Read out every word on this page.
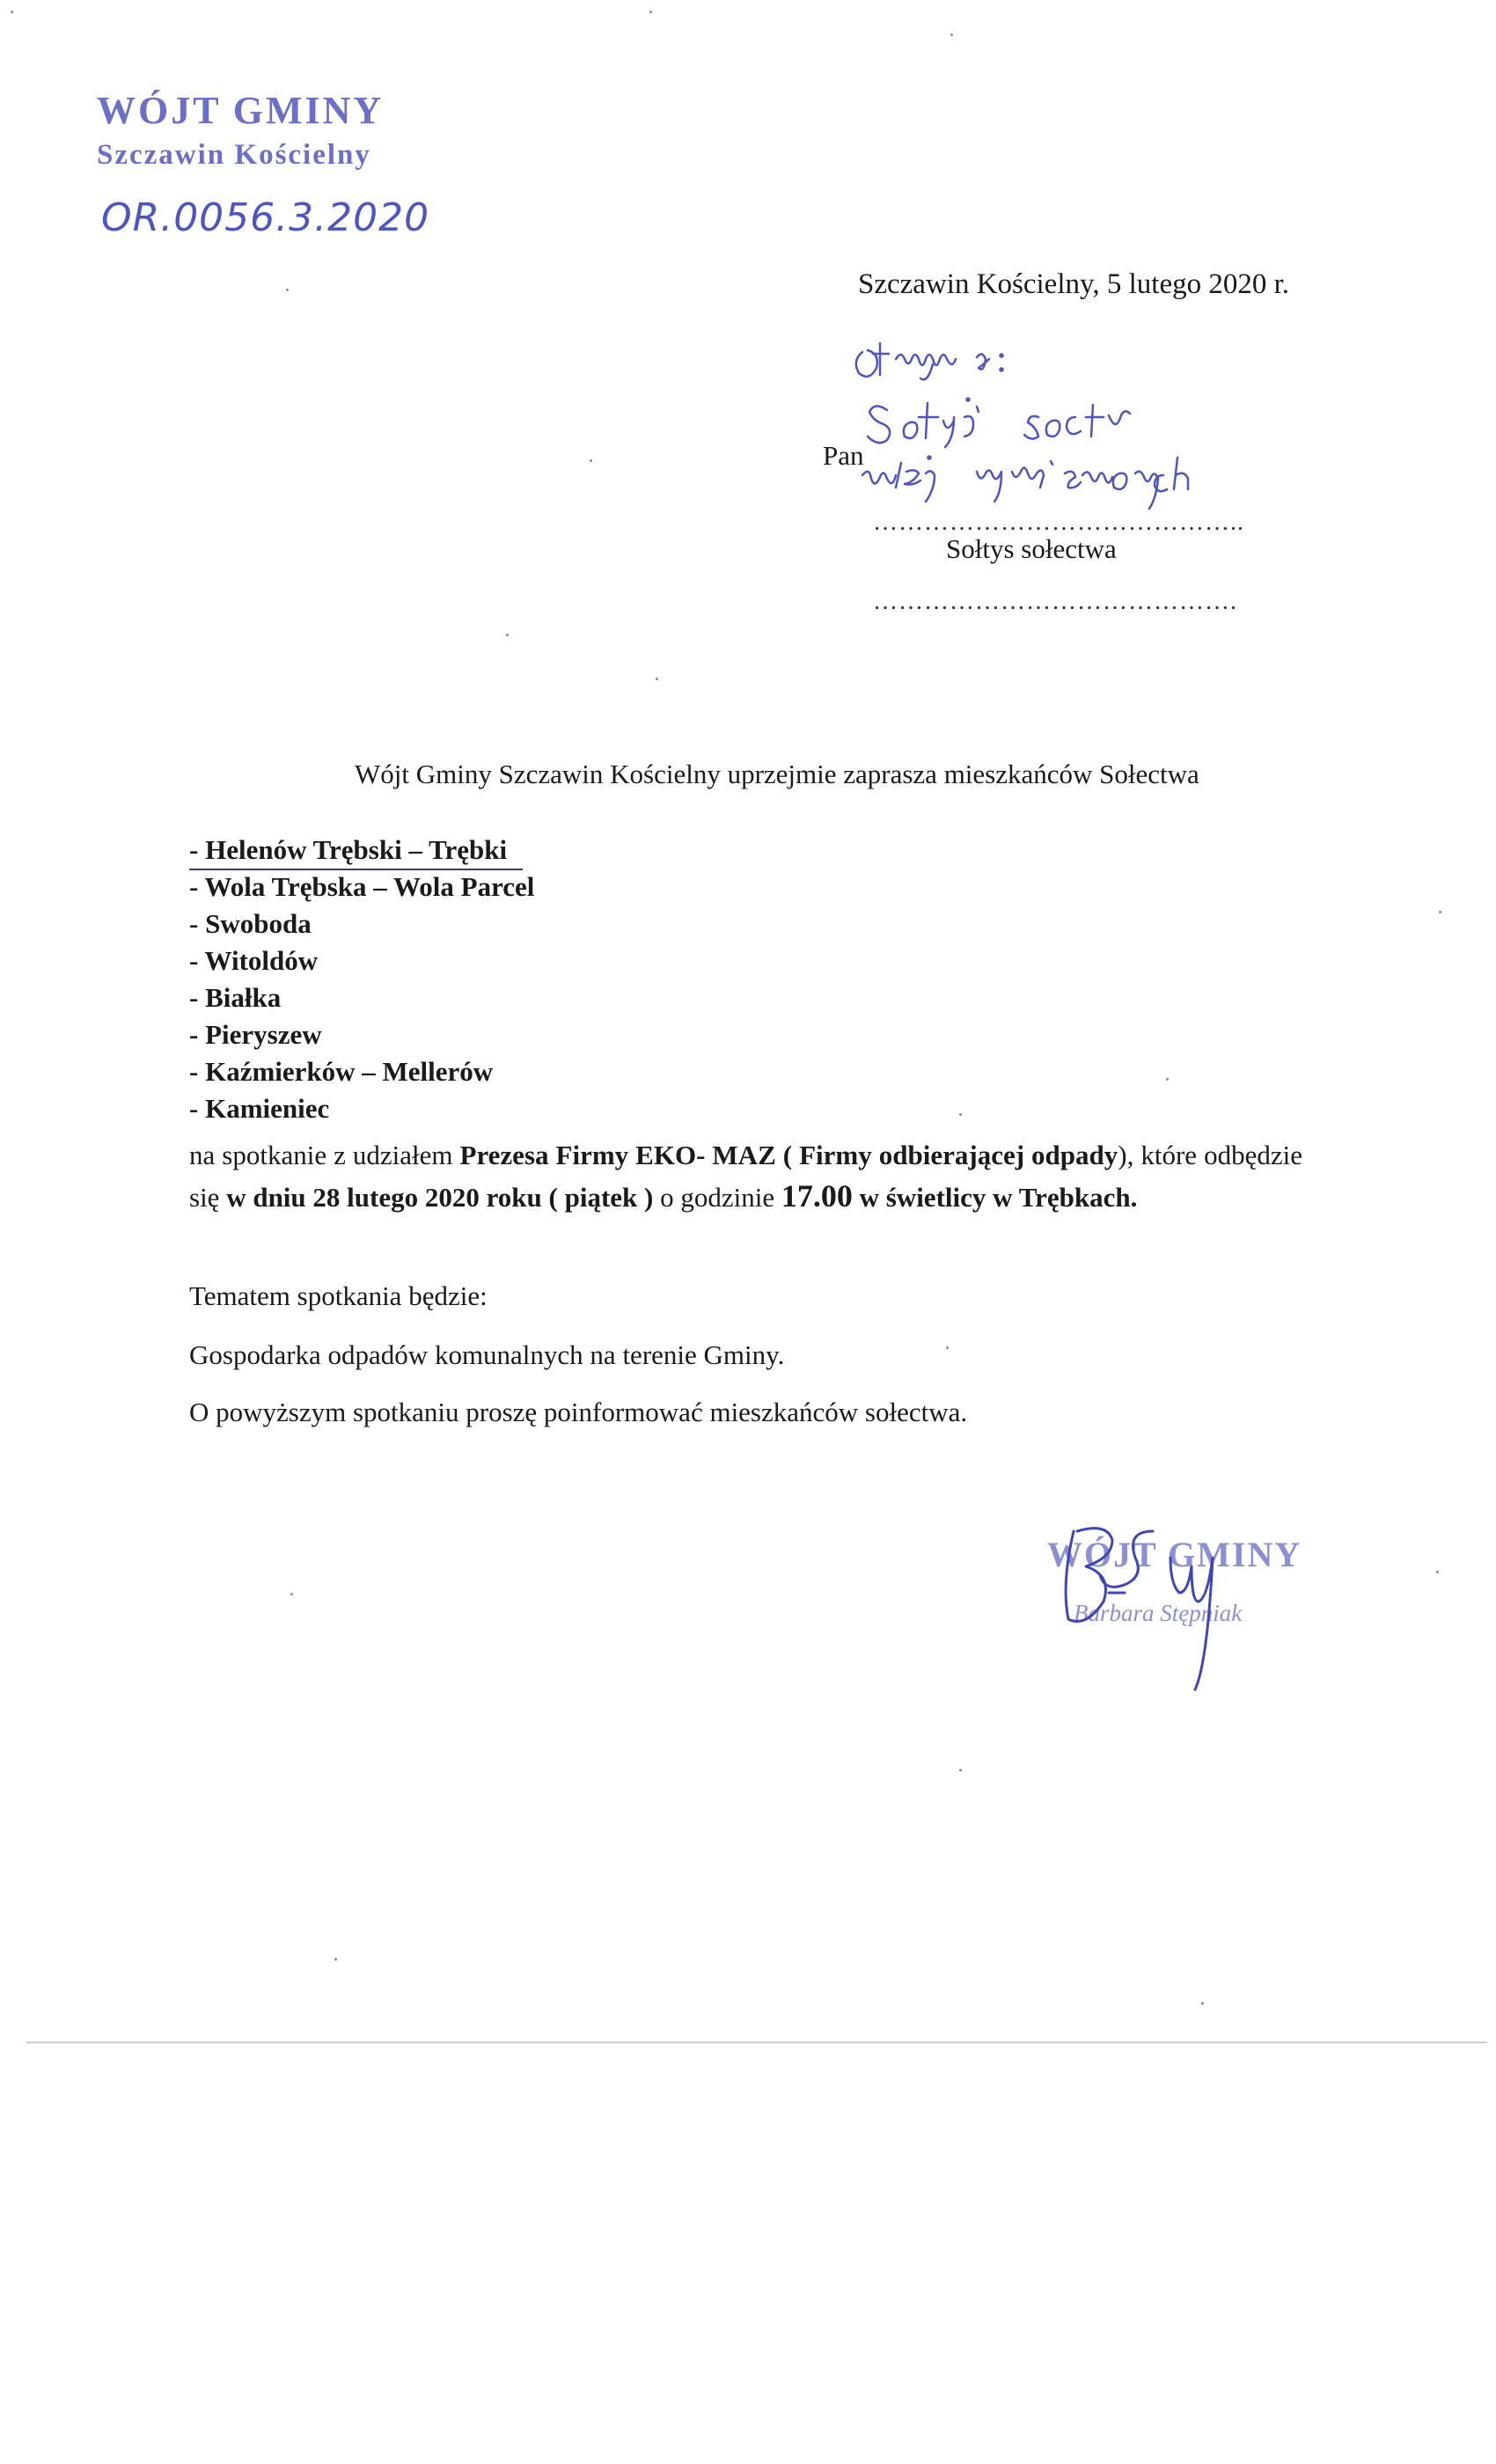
WÓJT GMINY
Szczawin Kościelny
OR.0056.3.2020
Szczawin Kościelny, 5 lutego 2020 r.
Otrzymują: Sołtysi sołectw wyżej wymienionych
Pan
……………………………………..
Sołtys sołectwa
…………………………………….
Wójt Gminy Szczawin Kościelny uprzejmie zaprasza mieszkańców Sołectwa
- Helenów Trębski – Trębki
- Wola Trębska – Wola Parcel
- Swoboda
- Witoldów
- Białka
- Pieryszew
- Kaźmierków – Mellerów
- Kamieniec
na spotkanie z udziałem Prezesa Firmy EKO- MAZ ( Firmy odbierającej odpady), które odbędzie się w dniu 28 lutego 2020 roku ( piątek ) o godzinie 17.00 w świetlicy w Trębkach.
Tematem spotkania będzie:
Gospodarka odpadów komunalnych na terenie Gminy.
O powyższym spotkaniu proszę poinformować mieszkańców sołectwa.
WÓJT GMINY
Barbara Stępniak
